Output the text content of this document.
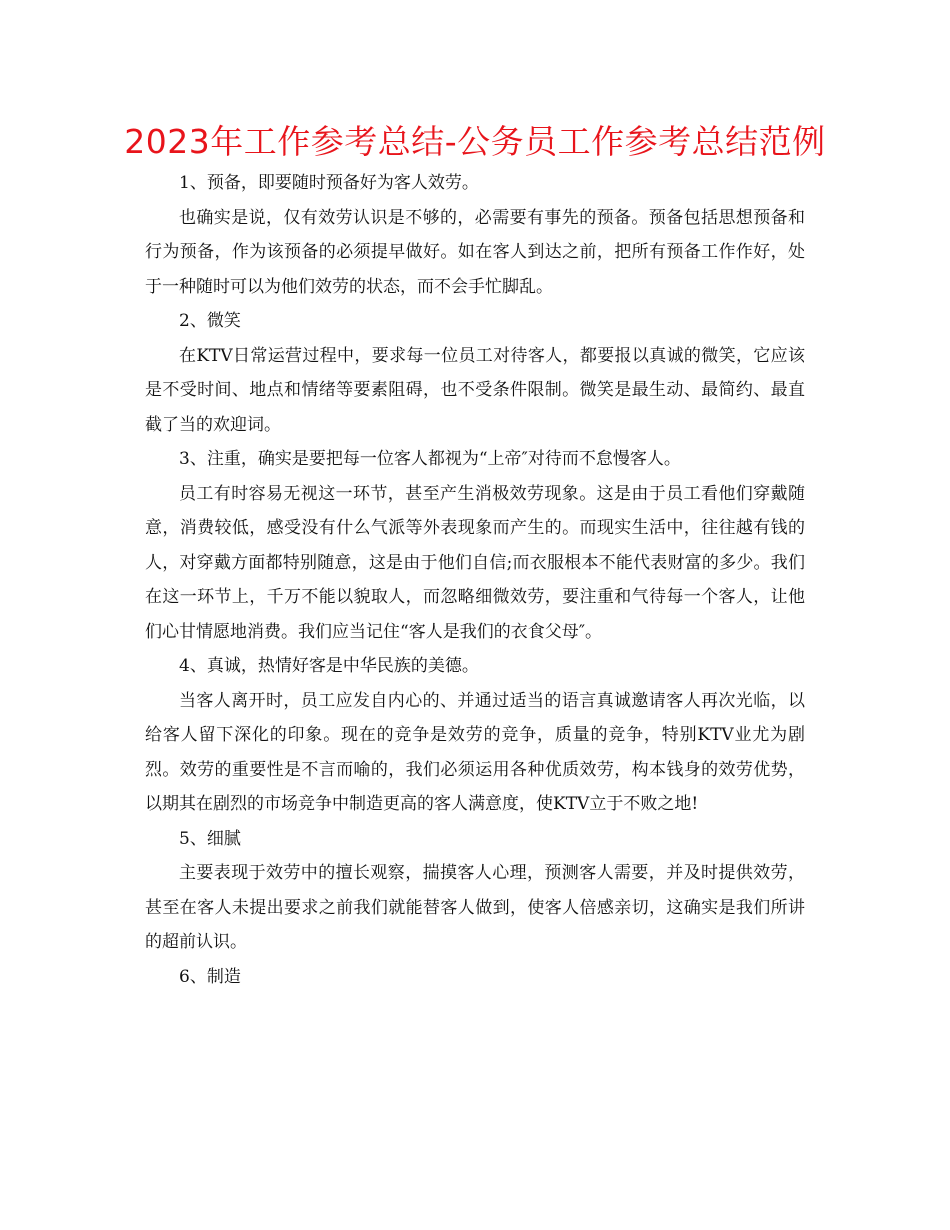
2023年工作参考总结-公务员工作参考总结范例

1、预备，即要随时预备好为客人效劳。

也确实是说，仅有效劳认识是不够的，必需要有事先的预备。预备包括思想预备和行为预备，作为该预备的必须提早做好。如在客人到达之前，把所有预备工作作好，处于一种随时可以为他们效劳的状态，而不会手忙脚乱。

2、微笑

在KTV日常运营过程中，要求每一位员工对待客人，都要报以真诚的微笑，它应该是不受时间、地点和情绪等要素阻碍，也不受条件限制。微笑是最生动、最简约、最直截了当的欢迎词。

3、注重，确实是要把每一位客人都视为“上帝″对待而不怠慢客人。

员工有时容易无视这一环节，甚至产生消极效劳现象。这是由于员工看他们穿戴随意，消费较低，感受没有什么气派等外表现象而产生的。而现实生活中，往往越有钱的人，对穿戴方面都特别随意，这是由于他们自信;而衣服根本不能代表财富的多少。我们在这一环节上，千万不能以貌取人，而忽略细微效劳，要注重和气待每一个客人，让他们心甘情愿地消费。我们应当记住“客人是我们的衣食父母″。

4、真诚，热情好客是中华民族的美德。

当客人离开时，员工应发自内心的、并通过适当的语言真诚邀请客人再次光临，以给客人留下深化的印象。现在的竞争是效劳的竞争，质量的竞争，特别KTV业尤为剧烈。效劳的重要性是不言而喻的，我们必须运用各种优质效劳，构本钱身的效劳优势，以期其在剧烈的市场竞争中制造更高的客人满意度，使KTV立于不败之地!

5、细腻

主要表现于效劳中的擅长观察，揣摸客人心理，预测客人需要，并及时提供效劳，甚至在客人未提出要求之前我们就能替客人做到，使客人倍感亲切，这确实是我们所讲的超前认识。

6、制造
